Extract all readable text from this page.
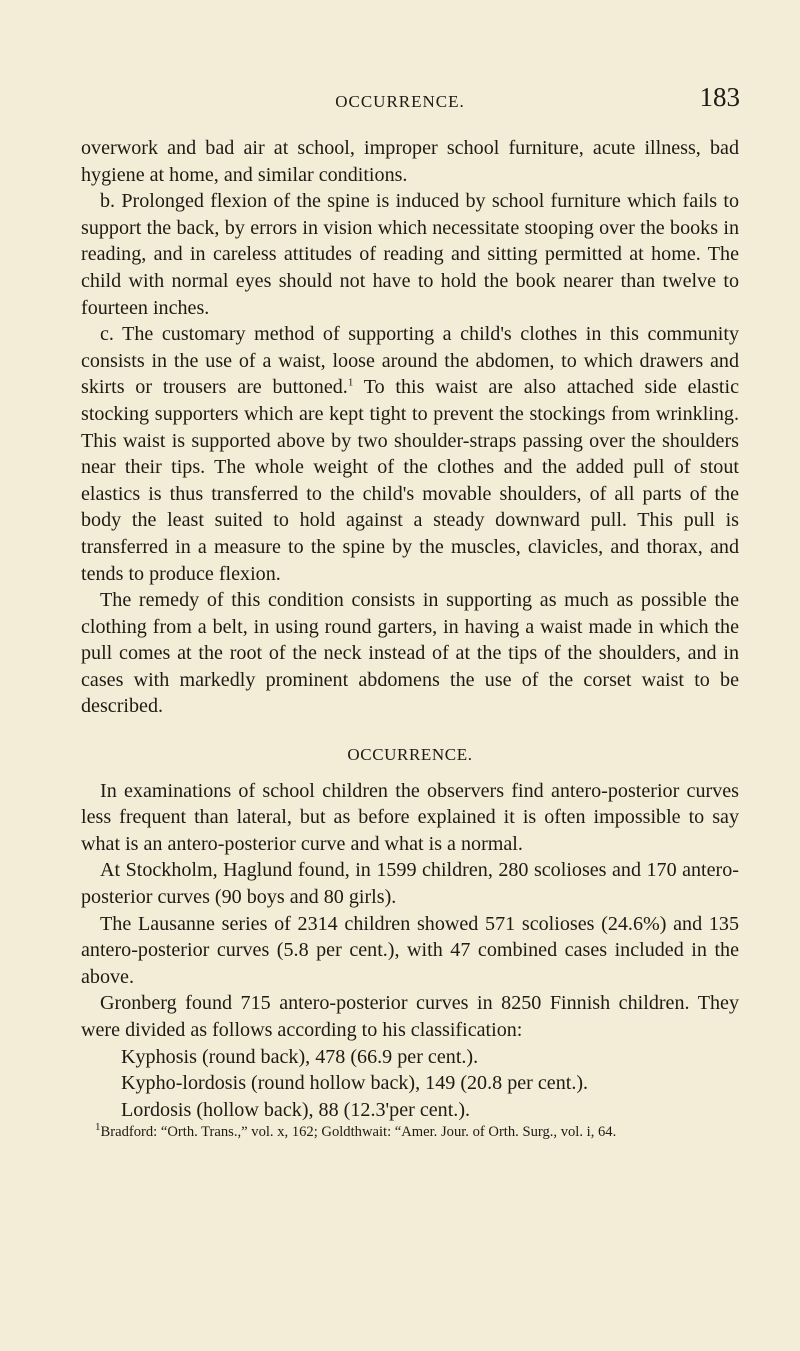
OCCURRENCE.	183

overwork and bad air at school, improper school furniture, acute illness, bad hygiene at home, and similar conditions.

b. Prolonged flexion of the spine is induced by school furniture which fails to support the back, by errors in vision which necessitate stooping over the books in reading, and in careless attitudes of reading and sitting permitted at home. The child with normal eyes should not have to hold the book nearer than twelve to fourteen inches.

c. The customary method of supporting a child's clothes in this community consists in the use of a waist, loose around the abdomen, to which drawers and skirts or trousers are buttoned.$^1$ To this waist are also attached side elastic stocking supporters which are kept tight to prevent the stockings from wrinkling. This waist is supported above by two shoulder-straps passing over the shoulders near their tips. The whole weight of the clothes and the added pull of stout elastics is thus transferred to the child's movable shoulders, of all parts of the body the least suited to hold against a steady downward pull. This pull is transferred in a measure to the spine by the muscles, clavicles, and thorax, and tends to produce flexion.

The remedy of this condition consists in supporting as much as possible the clothing from a belt, in using round garters, in having a waist made in which the pull comes at the root of the neck instead of at the tips of the shoulders, and in cases with markedly prominent abdomens the use of the corset waist to be described.

OCCURRENCE.

In examinations of school children the observers find antero-posterior curves less frequent than lateral, but as before explained it is often impossible to say what is an antero-posterior curve and what is a normal.

At Stockholm, Haglund found, in 1599 children, 280 scolioses and 170 antero-posterior curves (90 boys and 80 girls).

The Lausanne series of 2314 children showed 571 scolioses (24.6%) and 135 antero-posterior curves (5.8 per cent.), with 47 combined cases included in the above.

Gronberg found 715 antero-posterior curves in 8250 Finnish children. They were divided as follows according to his classification:

Kyphosis (round back), 478 (66.9 per cent.).

Kypho-lordosis (round hollow back), 149 (20.8 per cent.).

Lordosis (hollow back), 88 (12.3'per cent.).

$^1$Bradford: “Orth. Trans.,” vol. x, 162; Goldthwait: “Amer. Jour. of Orth. Surg., vol. i, 64.
